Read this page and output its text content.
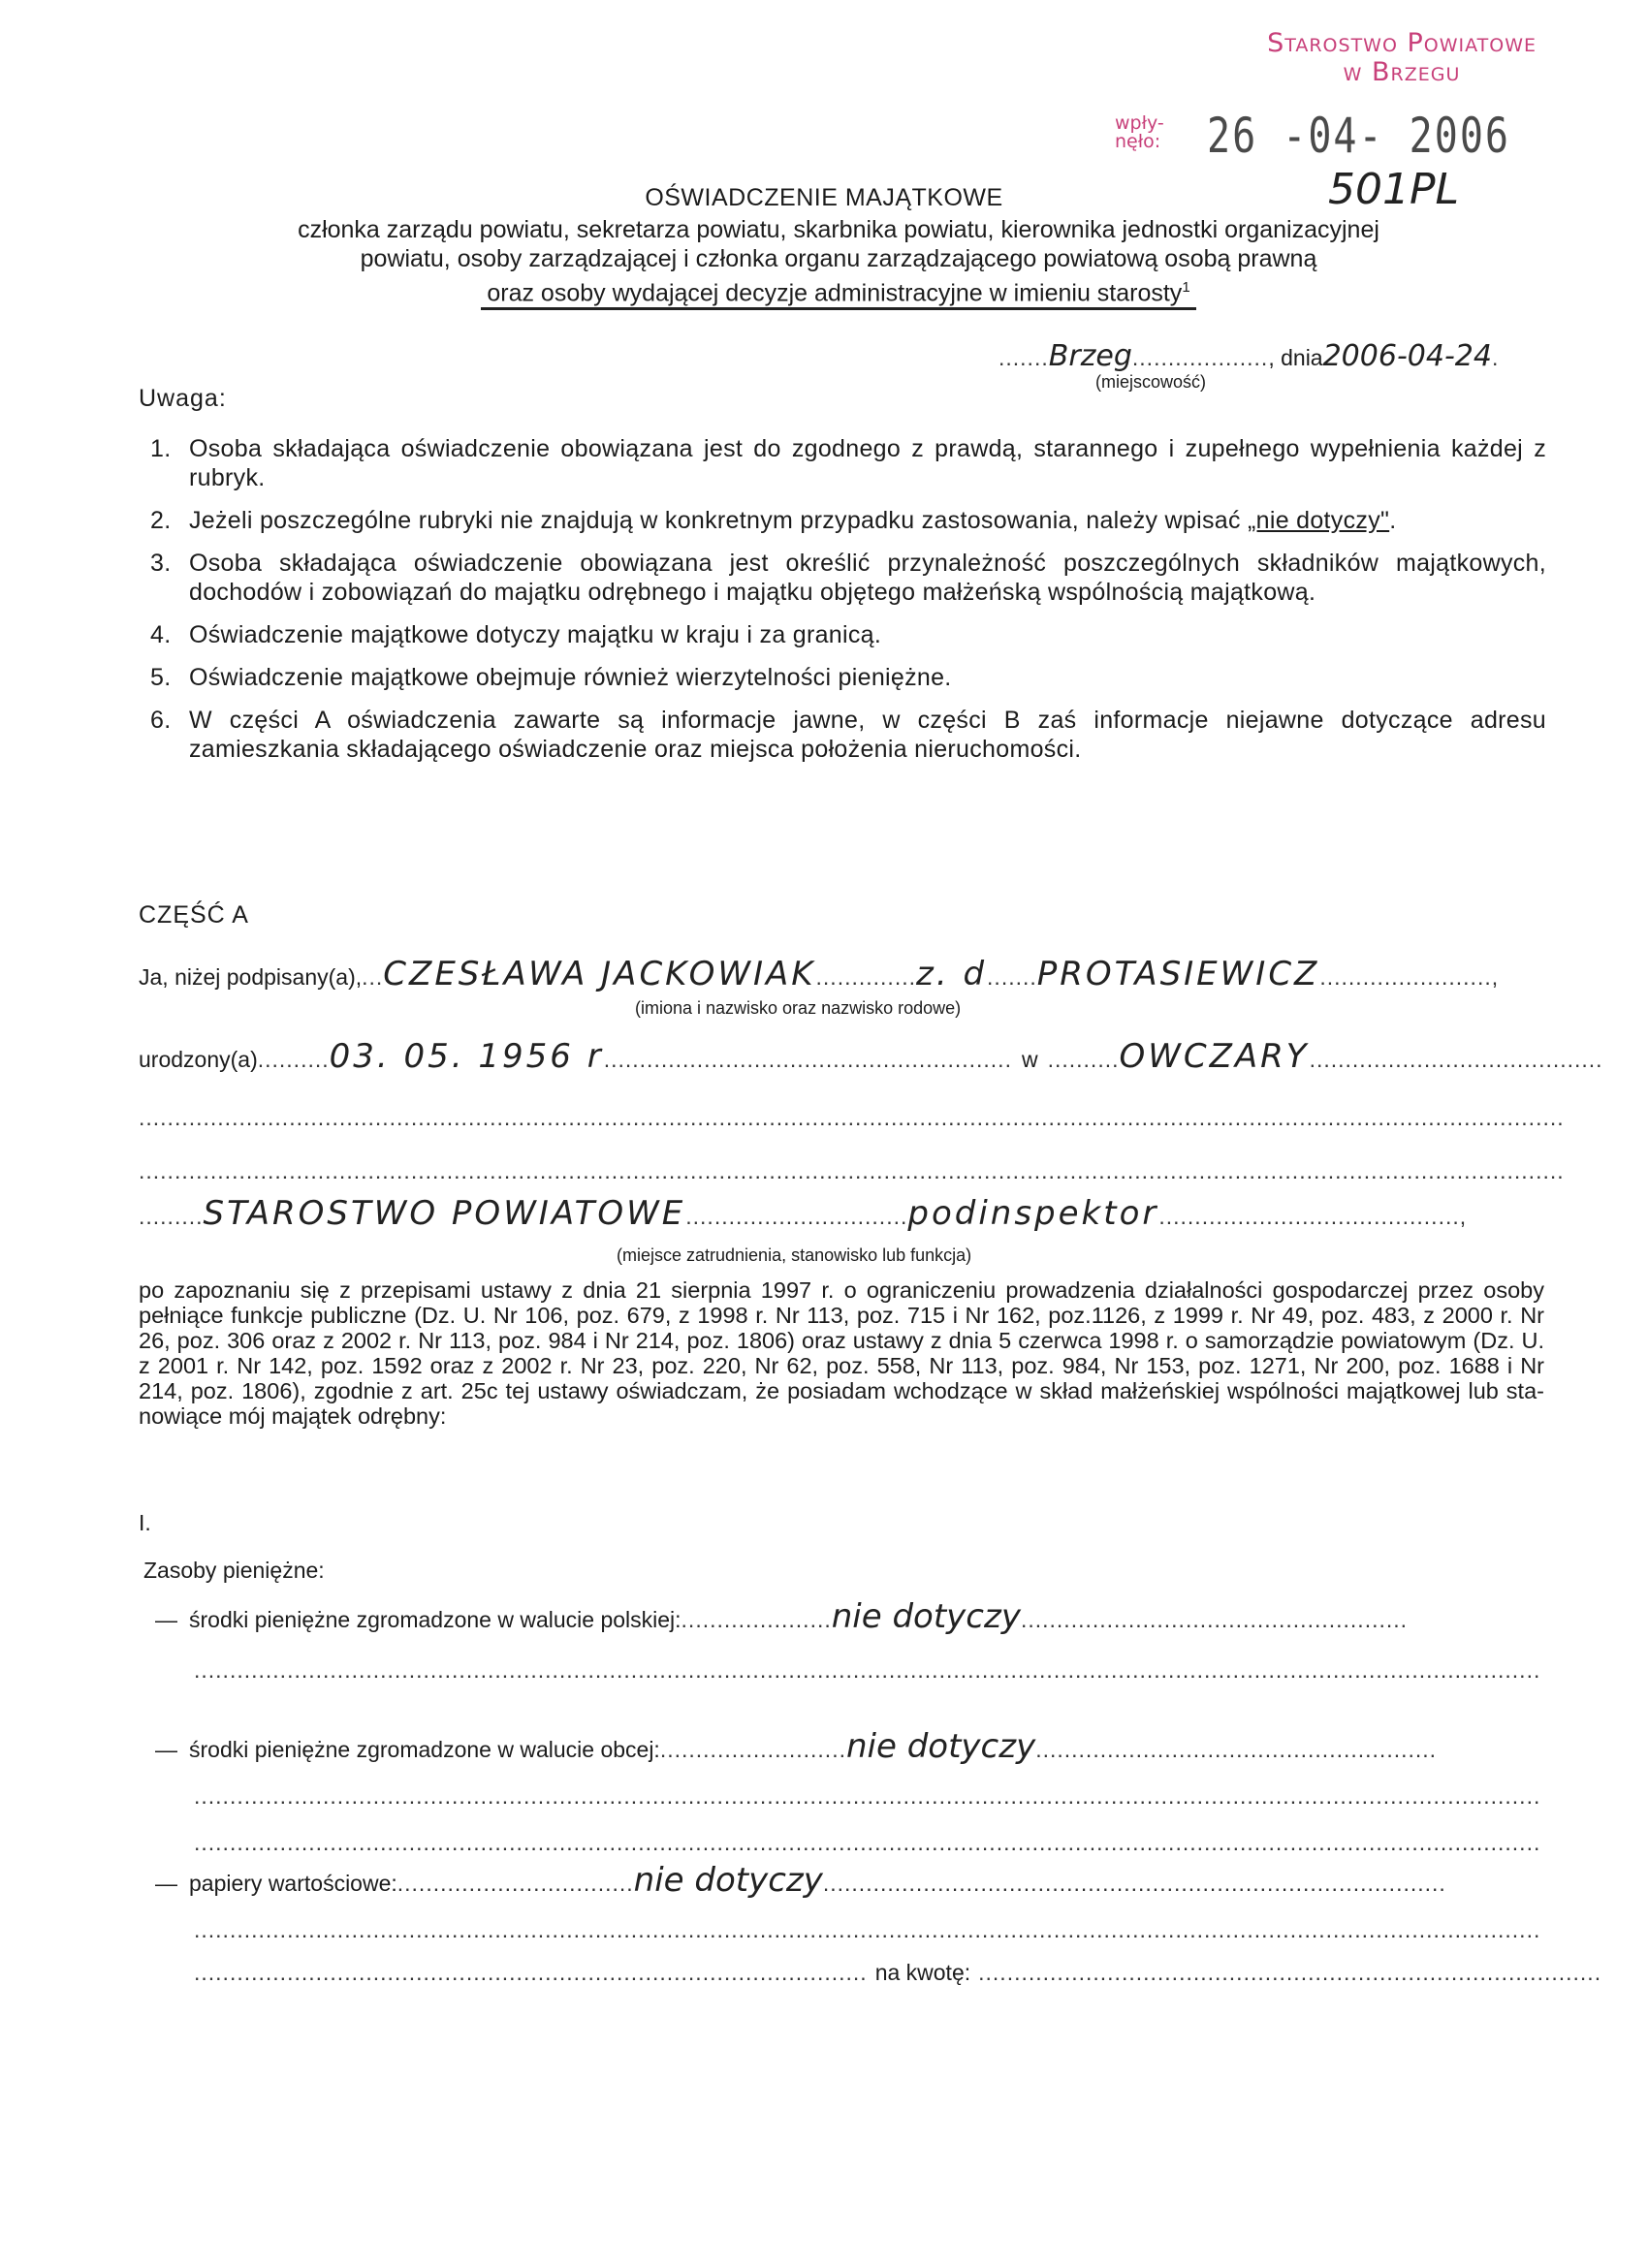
Starostwo Powiatowe
w Brzegu
wpły-
nęło: 26 -04- 2006
501PL
OŚWIADCZENIE MAJĄTKOWE
członka zarządu powiatu, sekretarza powiatu, skarbnika powiatu, kierownika jednostki organizacyjnej
powiatu, osoby zarządzającej i członka organu zarządzającego powiatową osobą prawną
oraz osoby wydającej decyzje administracyjne w imieniu starosty$^1$
.......Brzeg..................., dnia2006-04-24.
(miejscowość)
Uwaga:
1. Osoba składająca oświadczenie obowiązana jest do zgodnego z prawdą, starannego i zupełnego wypełnienia każdej z rubryk.
2. Jeżeli poszczególne rubryki nie znajdują w konkretnym przypadku zastosowania, należy wpisać „nie dotyczy".
3. Osoba składająca oświadczenie obowiązana jest określić przynależność poszczególnych składników majątkowych, dochodów i zobowiązań do majątku odrębnego i majątku objętego małżeńską wspólnością majątkową.
4. Oświadczenie majątkowe dotyczy majątku w kraju i za granicą.
5. Oświadczenie majątkowe obejmuje również wierzytelności pieniężne.
6. W części A oświadczenia zawarte są informacje jawne, w części B zaś informacje niejawne dotyczące adresu zamieszkania składającego oświadczenie oraz miejsca położenia nieruchomości.
CZĘŚĆ A
Ja, niżej podpisany(a),...CZESŁAWA JACKOWIAK..............z. d.......PROTASIEWICZ........................,
(imiona i nazwisko oraz nazwisko rodowe)
urodzony(a)..........03. 05. 1956 r......................................................... w ..........OWCZARY.........................................
.......................................................................................................................................................................................................
.......................................................................................................................................................................................................
.........STAROSTWO POWIATOWE...............................podinspektor..........................................,
(miejsce zatrudnienia, stanowisko lub funkcja)

po zapoznaniu się z przepisami ustawy z dnia 21 sierpnia 1997 r. o ograniczeniu prowadzenia działalności gospodarczej przez osoby pełniące funkcje publiczne (Dz. U. Nr 106, poz. 679, z 1998 r. Nr 113, poz. 715 i Nr 162, poz.1126, z 1999 r. Nr 49, poz. 483, z 2000 r. Nr 26, poz. 306 oraz z 2002 r. Nr 113, poz. 984 i Nr 214, poz. 1806) oraz ustawy z dnia 5 czerwca 1998 r. o samorządzie powiatowym (Dz. U. z 2001 r. Nr 142, poz. 1592 oraz z 2002 r. Nr 23, poz. 220, Nr 62, poz. 558, Nr 113, poz. 984, Nr 153, poz. 1271, Nr 200, poz. 1688 i Nr 214, poz. 1806), zgodnie z art. 25c tej ustawy oświadczam, że posiadam wchodzące w skład małżeńskiej wspólności majątkowej lub stanowiące mój majątek odrębny:

I.
Zasoby pieniężne:
— środki pieniężne zgromadzone w walucie polskiej:.....................nie dotyczy......................................................
............................................................................................................................................................................................
— środki pieniężne zgromadzone w walucie obcej:..........................nie dotyczy........................................................
............................................................................................................................................................................................
............................................................................................................................................................................................
— papiery wartościowe:.................................nie dotyczy.......................................................................................
............................................................................................................................................................................................
.............................................................................................. na kwotę: .......................................................................................
